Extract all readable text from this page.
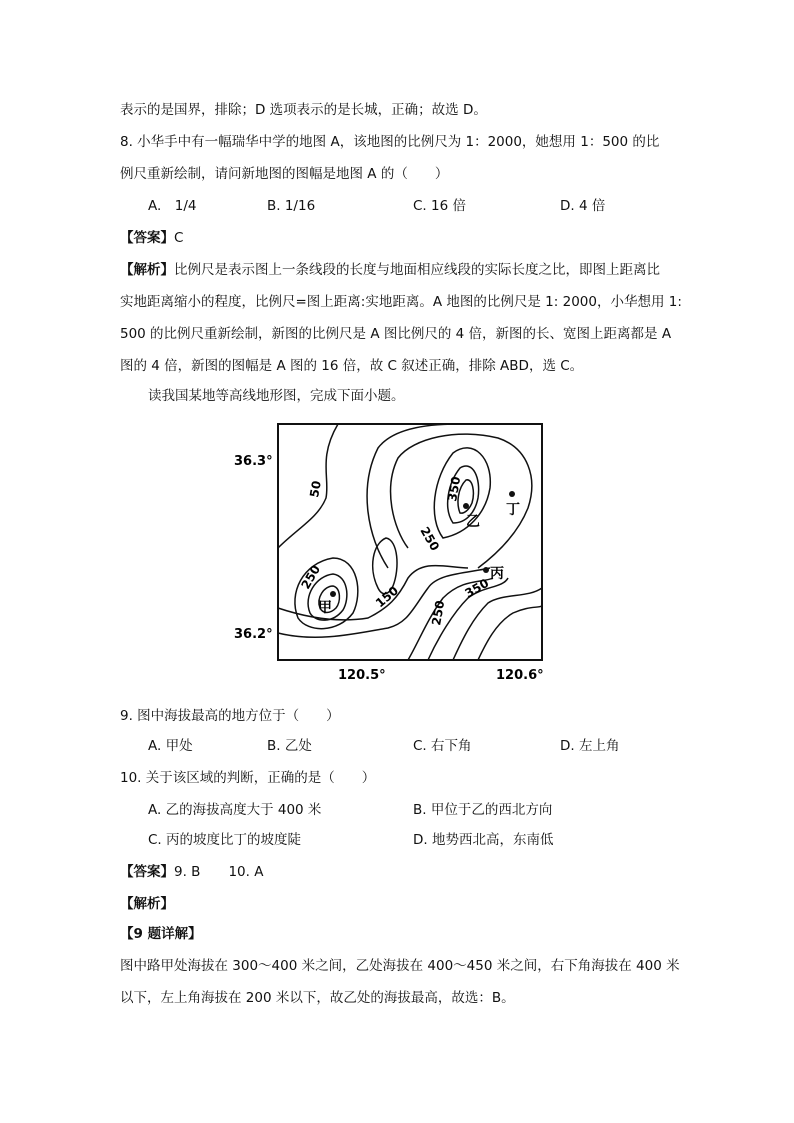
表示的是国界，排除；D 选项表示的是长城，正确；故选 D。
8. 小华手中有一幅瑞华中学的地图 A，该地图的比例尺为 1：2000，她想用 1：500 的比
例尺重新绘制，请问新地图的图幅是地图 A 的（　　）
A.　1/4	B. 1/16	C. 16 倍	D. 4 倍
【答案】C
【解析】比例尺是表示图上一条线段的长度与地面相应线段的实际长度之比，即图上距离比
实地距离缩小的程度，比例尺=图上距离:实地距离。A 地图的比例尺是 1: 2000，小华想用 1:
500 的比例尺重新绘制，新图的比例尺是 A 图比例尺的 4 倍，新图的长、宽图上距离都是 A
图的 4 倍，新图的图幅是 A 图的 16 倍，故 C 叙述正确，排除 ABD，选 C。
读我国某地等高线地形图，完成下面小题。
甲
乙
丙
丁
50	350
250
250
150
250
350
36.3°
36.2°
120.5°	120.6°
9. 图中海拔最高的地方位于（　　）
A. 甲处	B. 乙处	C. 右下角	D. 左上角
10. 关于该区域的判断，正确的是（　　）
A. 乙的海拔高度大于 400 米	B. 甲位于乙的西北方向
C. 丙的坡度比丁的坡度陡	D. 地势西北高，东南低
【答案】9. B 10. A
【解析】
【9 题详解】
图中路甲处海拔在 300～400 米之间，乙处海拔在 400～450 米之间，右下角海拔在 400 米
以下，左上角海拔在 200 米以下，故乙处的海拔最高，故选：B。
